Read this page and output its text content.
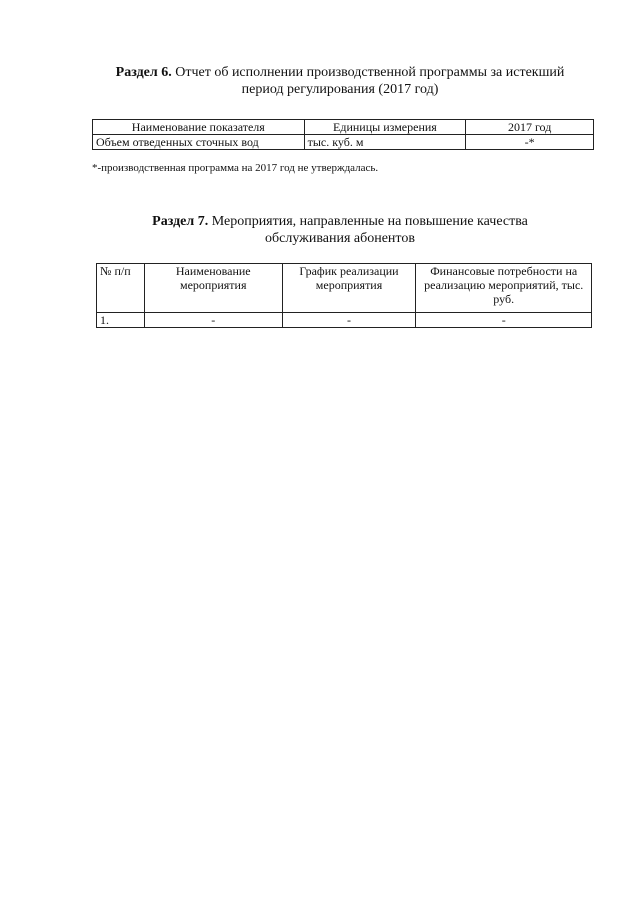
Раздел 6. Отчет об исполнении производственной программы за истекший
период регулирования (2017 год)
Наименование показателя	Единицы измерения	2017 год
Объем отведенных сточных вод	тыс. куб. м	-*
*-производственная программа на 2017 год не утверждалась.
Раздел 7. Мероприятия, направленные на повышение качества
обслуживания абонентов
№ п/п	Наименование мероприятия	График реализации мероприятия	Финансовые потребности на реализацию мероприятий, тыс. руб.
1.	-	-	-
